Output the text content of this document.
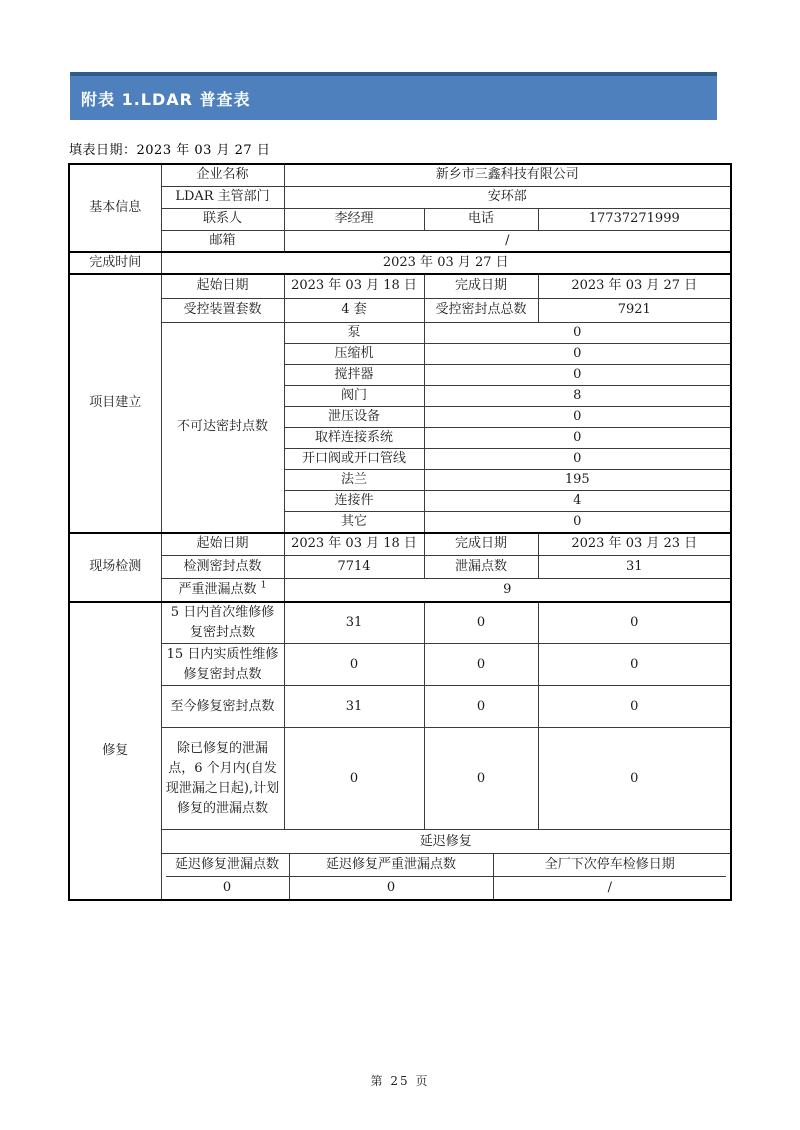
附表 1.LDAR 普查表
填表日期：2023 年 03 月 27 日
基本信息	企业名称	新乡市三鑫科技有限公司		
	LDAR 主管部门	安环部		
	联系人	李经理	电话	17737271999
	邮箱	/		
完成时间	2023 年 03 月 27 日			
项目建立	起始日期	2023 年 03 月 18 日	完成日期	2023 年 03 月 27 日
	受控装置套数	4 套	受控密封点总数	7921
	不可达密封点数	泵	0	
		压缩机	0	
		搅拌器	0	
		阀门	8	
		泄压设备	0	
		取样连接系统	0	
		开口阀或开口管线	0	
		法兰	195	
		连接件	4	
		其它	0	
现场检测	起始日期	2023 年 03 月 18 日	完成日期	2023 年 03 月 23 日
	检测密封点数	7714	泄漏点数	31
	严重泄漏点数 $^1$	9		
修复	5 日内首次维修修复密封点数	31	0	0
	15 日内实质性维修修复密封点数	0	0	0
	至今修复密封点数	31	0	0
	除已修复的泄漏点，6 个月内(自发现泄漏之日起),计划修复的泄漏点数	0	0	0
	延迟修复			

延迟修复泄漏点数	延迟修复严重泄漏点数	全厂下次停车检修日期
0	0	/
第 25 页
